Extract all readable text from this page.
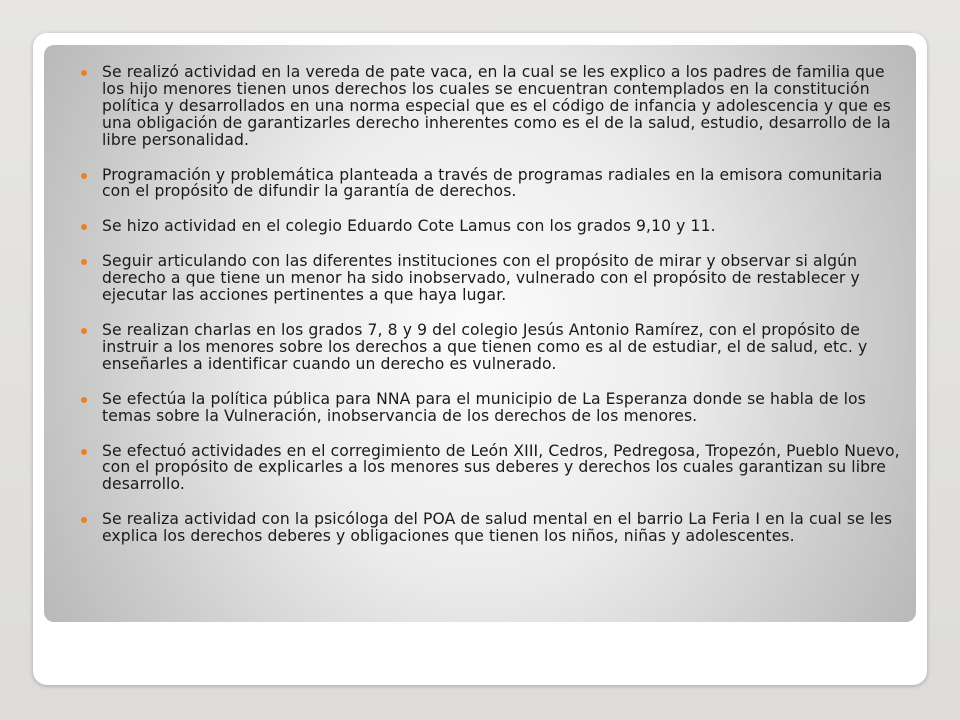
Se realizó actividad en la vereda de pate vaca, en la cual se les explico a los padres de familia que los hijo menores tienen unos derechos los cuales se encuentran contemplados en la constitución política y desarrollados en una norma especial que es el código de infancia y adolescencia y que es una obligación de garantizarles derecho inherentes como es el de la salud, estudio, desarrollo de la libre personalidad.
Programación y problemática planteada a través de programas radiales en la emisora comunitaria con el propósito de difundir la garantía de derechos.
Se hizo actividad en el colegio Eduardo Cote Lamus con los grados 9,10 y 11.
Seguir articulando con las diferentes instituciones con el propósito de mirar y observar si algún derecho a que tiene un menor ha sido inobservado, vulnerado con el propósito de restablecer y ejecutar las acciones pertinentes a que haya lugar.
Se realizan charlas en los grados 7, 8 y 9 del colegio Jesús Antonio Ramírez, con el propósito de instruir a los menores sobre los derechos a que tienen como es al de estudiar, el de salud, etc. y enseñarles a identificar cuando un derecho es vulnerado.
Se efectúa la política pública para NNA para el municipio de La Esperanza donde se habla de los temas sobre la Vulneración, inobservancia de los derechos de los menores.
Se efectuó actividades en el corregimiento de León XIII, Cedros, Pedregosa, Tropezón, Pueblo Nuevo, con el propósito de explicarles a los menores sus deberes y derechos los cuales garantizan su libre desarrollo.
Se realiza actividad con la psicóloga del POA de salud mental en el barrio La Feria I en la cual se les explica los derechos deberes y obligaciones que tienen los niños, niñas y adolescentes.
